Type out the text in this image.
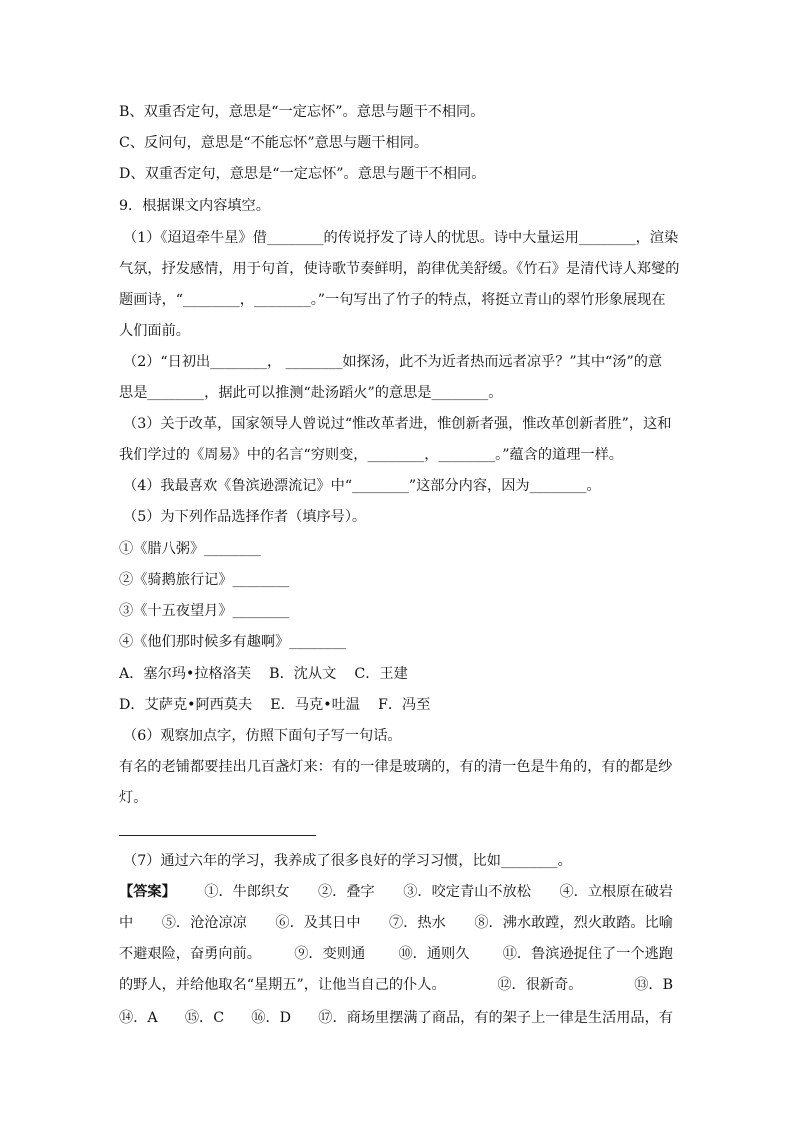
B、双重否定句，意思是“一定忘怀”。意思与题干不相同。
C、反问句，意思是“不能忘怀”意思与题干相同。
D、双重否定句，意思是“一定忘怀”。意思与题干不相同。
9．根据课文内容填空。
（1）《迢迢牵牛星》借________的传说抒发了诗人的忧思。诗中大量运用________，渲染
气氛，抒发感情，用于句首，使诗歌节奏鲜明，韵律优美舒缓。《竹石》是清代诗人郑燮的
题画诗，“________，________。”一句写出了竹子的特点，将挺立青山的翠竹形象展现在
人们面前。
（2）“日初出________， ________如探汤，此不为近者热而远者凉乎？”其中“汤”的意
思是________，据此可以推测“赴汤蹈火”的意思是________。
（3）关于改革，国家领导人曾说过“惟改革者进，惟创新者强，惟改革创新者胜”，这和
我们学过的《周易》中的名言“穷则变，________，________。”蕴含的道理一样。
（4）我最喜欢《鲁滨逊漂流记》中“________”这部分内容，因为________。
（5）为下列作品选择作者（填序号）。
①《腊八粥》________
②《骑鹅旅行记》________
③《十五夜望月》________
④《他们那时候多有趣啊》________
A．塞尔玛•拉格洛芙    B．沈从文    C．王建
D．艾萨克•阿西莫夫    E．马克•吐温    F．冯至
（6）观察加点字，仿照下面句子写一句话。
有名的老铺都要挂出几百盏灯来：有的一律是玻璃的，有的清一色是牛角的，有的都是纱
灯。
（7）通过六年的学习，我养成了很多良好的学习习惯，比如________。
【答案】 ①．牛郎织女 ②．叠字 ③．咬定青山不放松 ④．立根原在破岩
中 ⑤．沧沧凉凉 ⑥．及其日中 ⑦．热水 ⑧．沸水敢蹚，烈火敢踏。比喻
不避艰险，奋勇向前。 ⑨．变则通 ⑩．通则久 ⑪．鲁滨逊捉住了一个逃跑
的野人，并给他取名“星期五”，让他当自己的仆人。	⑫．很新奇。	⑬．B
⑭．A ⑮．C ⑯．D ⑰．商场里摆满了商品，有的架子上一律是生活用品，有
